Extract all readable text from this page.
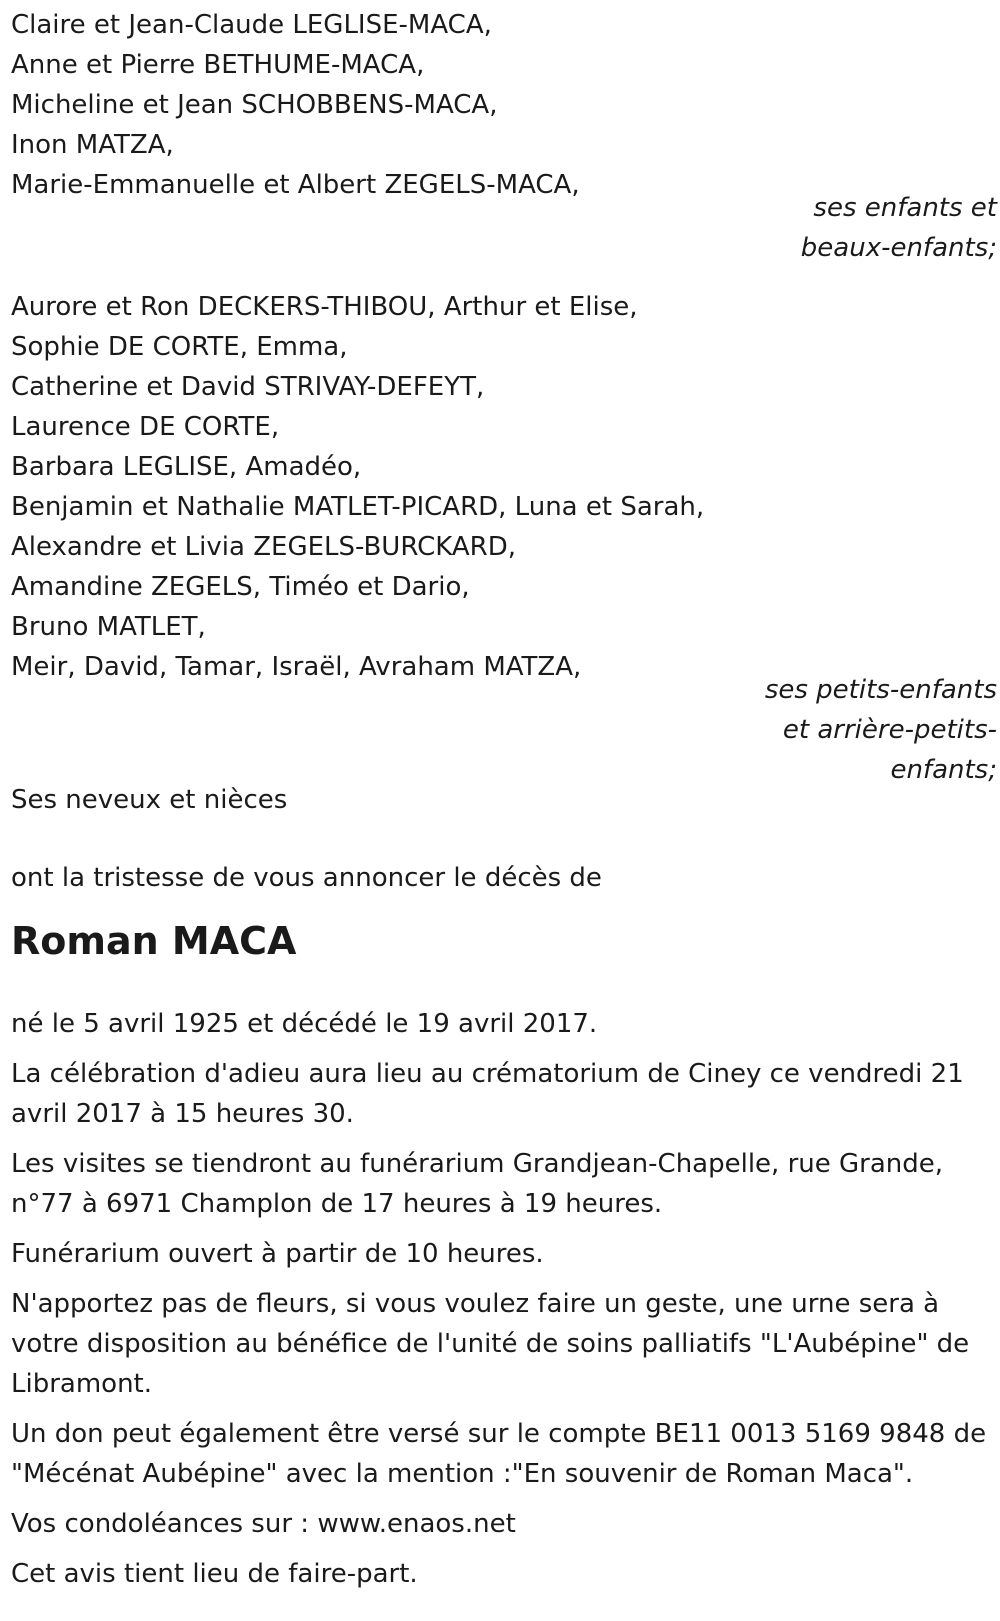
Claire et Jean-Claude LEGLISE-MACA,
Anne et Pierre BETHUME-MACA,
Micheline et Jean SCHOBBENS-MACA,
Inon MATZA,
Marie-Emmanuelle et Albert ZEGELS-MACA,
ses enfants et
beaux-enfants;
Aurore et Ron DECKERS-THIBOU, Arthur et Elise,
Sophie DE CORTE, Emma,
Catherine et David STRIVAY-DEFEYT,
Laurence DE CORTE,
Barbara LEGLISE, Amadéo,
Benjamin et Nathalie MATLET-PICARD, Luna et Sarah,
Alexandre et Livia ZEGELS-BURCKARD,
Amandine ZEGELS, Timéo et Dario,
Bruno MATLET,
Meir, David, Tamar, Israël, Avraham MATZA,
ses petits-enfants
et arrière-petits-
enfants;
Ses neveux et nièces
ont la tristesse de vous annoncer le décès de
Roman MACA
né le 5 avril 1925 et décédé le 19 avril 2017.
La célébration d'adieu aura lieu au crématorium de Ciney ce vendredi 21 avril 2017 à 15 heures 30.
Les visites se tiendront au funérarium Grandjean-Chapelle, rue Grande, n°77 à 6971 Champlon de 17 heures à 19 heures.
Funérarium ouvert à partir de 10 heures.
N'apportez pas de fleurs, si vous voulez faire un geste, une urne sera à votre disposition au bénéfice de l'unité de soins palliatifs "L'Aubépine" de Libramont.
Un don peut également être versé sur le compte BE11 0013 5169 9848 de "Mécénat Aubépine" avec la mention :"En souvenir de Roman Maca".
Vos condoléances sur : www.enaos.net
Cet avis tient lieu de faire-part.
